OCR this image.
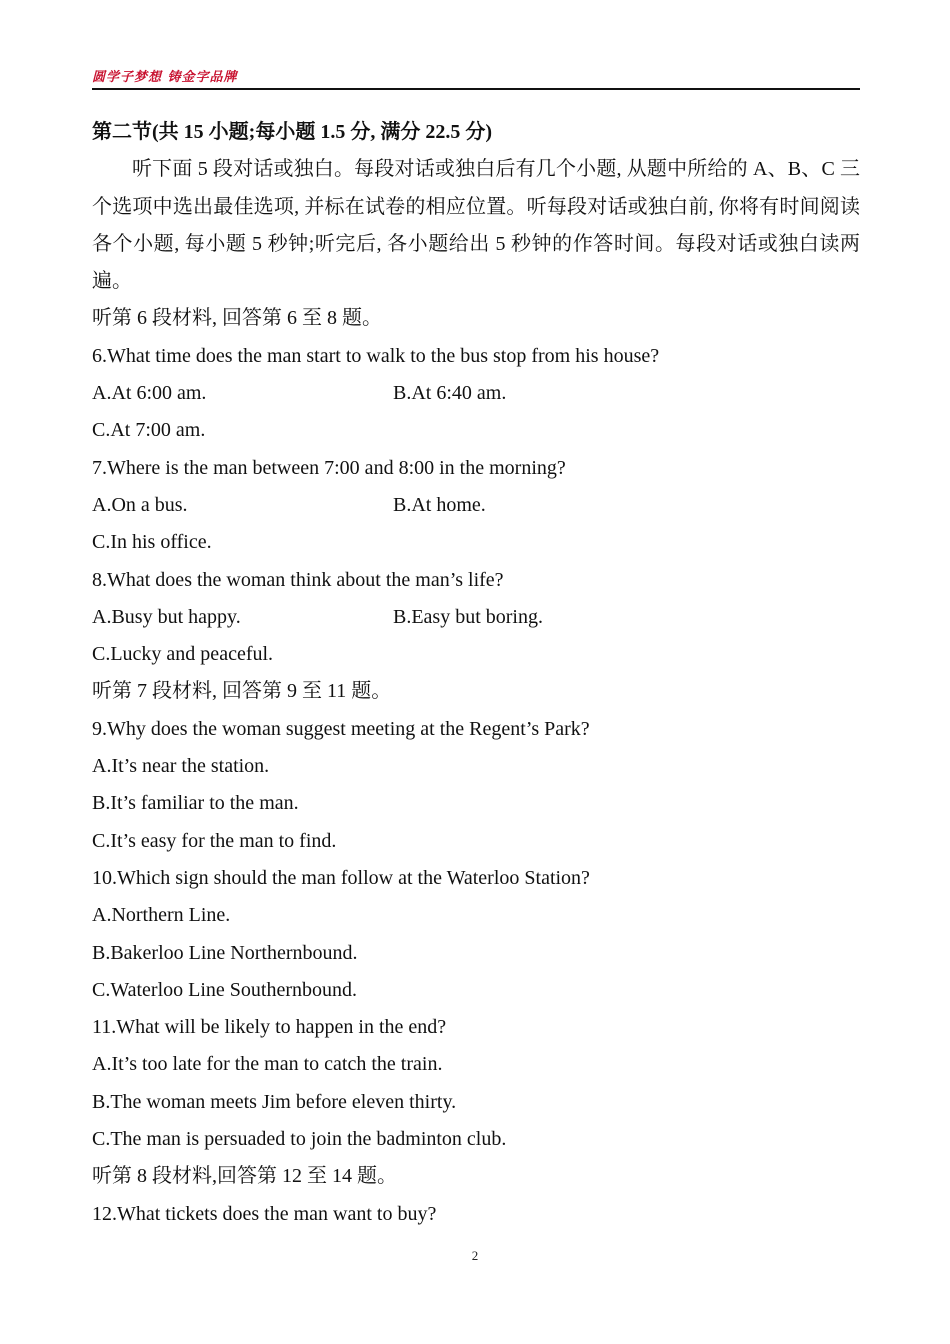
圆学子梦想 铸金字品牌
第二节(共 15 小题;每小题 1.5 分, 满分 22.5 分)
听下面 5 段对话或独白。每段对话或独白后有几个小题, 从题中所给的 A、B、C 三个选项中选出最佳选项, 并标在试卷的相应位置。听每段对话或独白前, 你将有时间阅读各个小题, 每小题 5 秒钟;听完后, 各小题给出 5 秒钟的作答时间。每段对话或独白读两遍。
听第 6 段材料, 回答第 6 至 8 题。
6.What time does the man start to walk to the bus stop from his house?
A.At 6:00 am.	B.At 6:40 am.
C.At 7:00 am.
7.Where is the man between 7:00 and 8:00 in the morning?
A.On a bus.	B.At home.
C.In his office.
8.What does the woman think about the man’s life?
A.Busy but happy.	B.Easy but boring.
C.Lucky and peaceful.
听第 7 段材料, 回答第 9 至 11 题。
9.Why does the woman suggest meeting at the Regent’s Park?
A.It’s near the station.
B.It’s familiar to the man.
C.It’s easy for the man to find.
10.Which sign should the man follow at the Waterloo Station?
A.Northern Line.
B.Bakerloo Line Northernbound.
C.Waterloo Line Southernbound.
11.What will be likely to happen in the end?
A.It’s too late for the man to catch the train.
B.The woman meets Jim before eleven thirty.
C.The man is persuaded to join the badminton club.
听第 8 段材料,回答第 12 至 14 题。
12.What tickets does the man want to buy?
2
